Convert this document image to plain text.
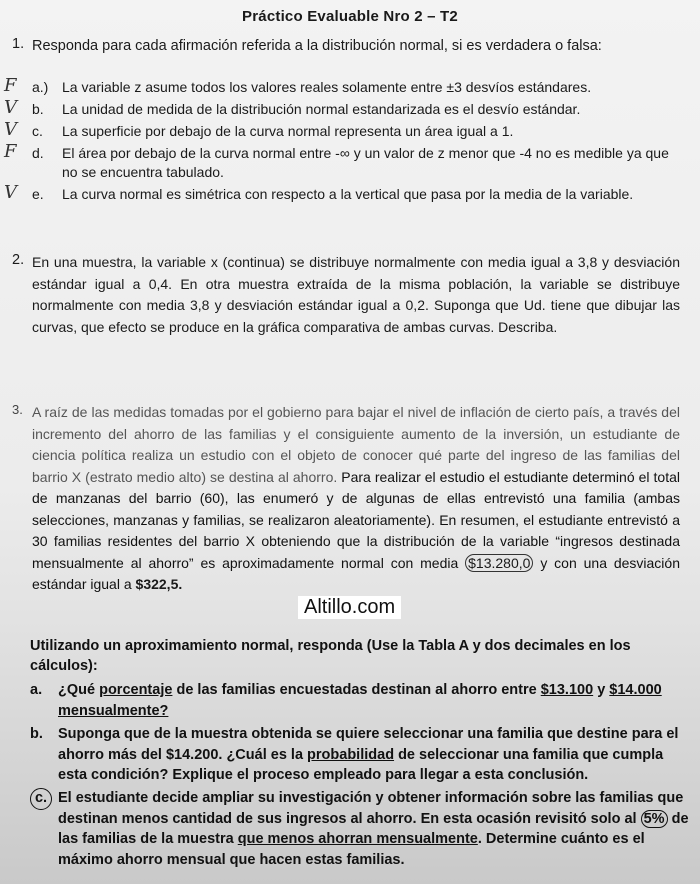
Práctico Evaluable Nro 2 – T2
1. Responda para cada afirmación referida a la distribución normal, si es verdadera o falsa:
F a.) La variable z asume todos los valores reales solamente entre ±3 desvíos estándares.
V b.	La unidad de medida de la distribución normal estandarizada es el desvío estándar.
V c.	La superficie por debajo de la curva normal representa un área igual a 1.
F d.	El área por debajo de la curva normal entre -∞ y un valor de z menor que -4 no es medible ya que no se encuentra tabulado.
V e.	La curva normal es simétrica con respecto a la vertical que pasa por la media de la variable.
2. En una muestra, la variable x (continua) se distribuye normalmente con media igual a 3,8 y desviación estándar igual a 0,4. En otra muestra extraída de la misma población, la variable se distribuye normalmente con media 3,8 y desviación estándar igual a 0,2. Suponga que Ud. tiene que dibujar las curvas, que efecto se produce en la gráfica comparativa de ambas curvas. Describa.
3. A raíz de las medidas tomadas por el gobierno para bajar el nivel de inflación de cierto país, a través del incremento del ahorro de las familias y el consiguiente aumento de la inversión, un estudiante de ciencia política realiza un estudio con el objeto de conocer qué parte del ingreso de las familias del barrio X (estrato medio alto) se destina al ahorro. Para realizar el estudio el estudiante determinó el total de manzanas del barrio (60), las enumeró y de algunas de ellas entrevistó una familia (ambas selecciones, manzanas y familias, se realizaron aleatoriamente). En resumen, el estudiante entrevistó a 30 familias residentes del barrio X obteniendo que la distribución de la variable “ingresos destinada mensualmente al ahorro” es aproximadamente normal con media $13.280,0 y con una desviación estándar igual a $322,5.
Altillo.com
Utilizando un aproximamiento normal, responda (Use la Tabla A y dos decimales en los cálculos):
a.	¿Qué porcentaje de las familias encuestadas destinan al ahorro entre $13.100 y $14.000 mensualmente?
b.	Suponga que de la muestra obtenida se quiere seleccionar una familia que destine para el ahorro más del $14.200. ¿Cuál es la probabilidad de seleccionar una familia que cumpla esta condición? Explique el proceso empleado para llegar a esta conclusión.
c. El estudiante decide ampliar su investigación y obtener información sobre las familias que destinan menos cantidad de sus ingresos al ahorro. En esta ocasión revisitó solo al 5% de las familias de la muestra que menos ahorran mensualmente. Determine cuánto es el máximo ahorro mensual que hacen estas familias.
